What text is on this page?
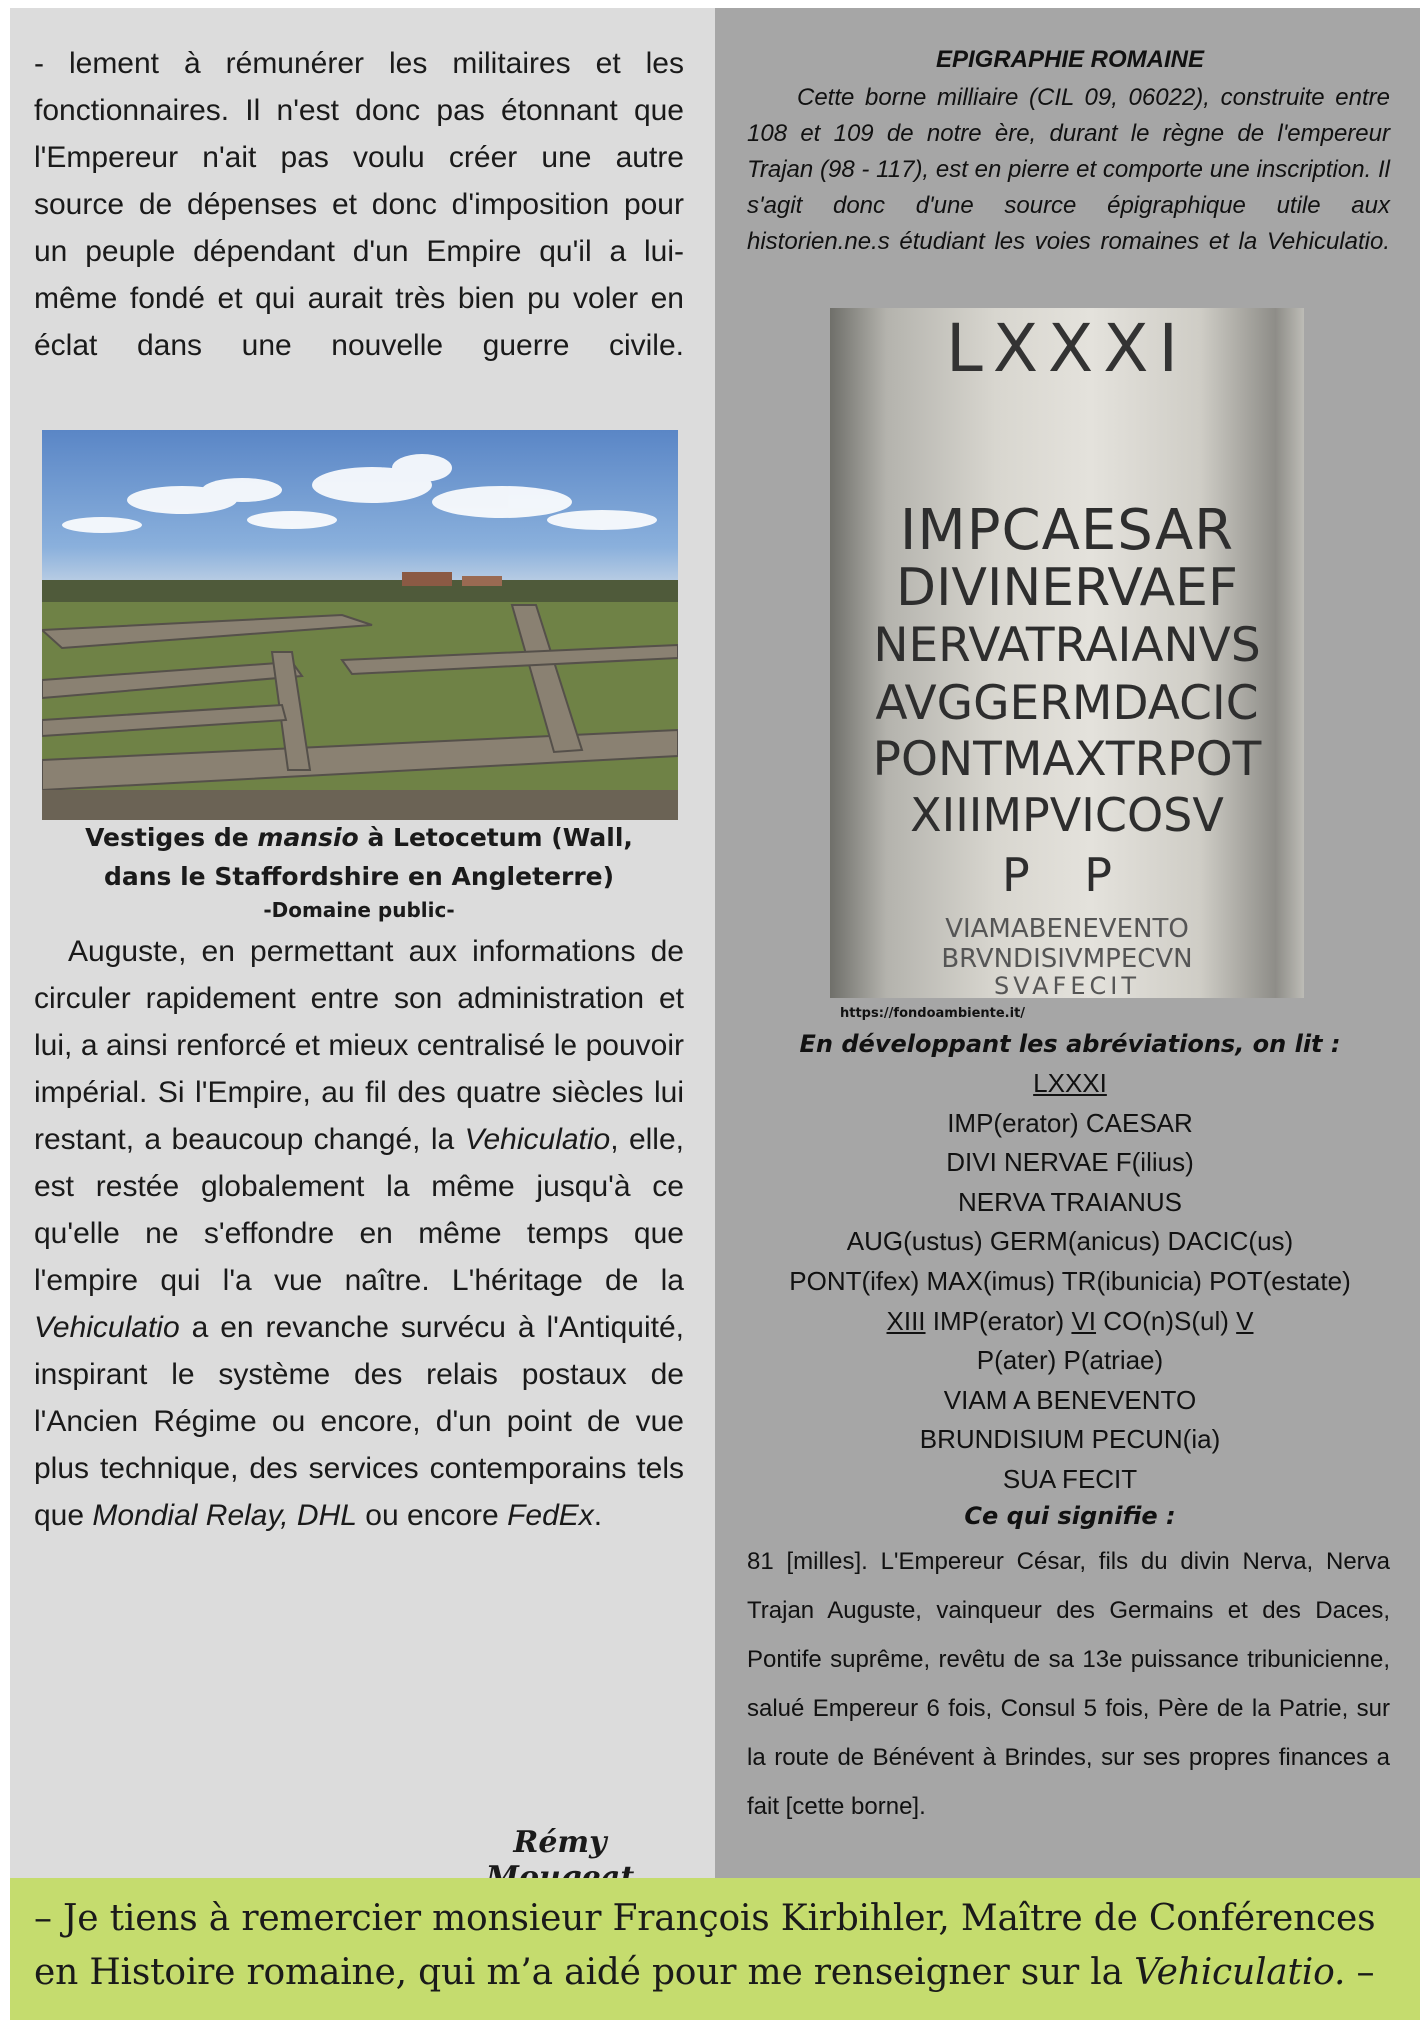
- lement à rémunérer les militaires et les fonctionnaires. Il n'est donc pas étonnant que l'Empereur n'ait pas voulu créer une autre source de dépenses et donc d'imposition pour un peuple dépendant d'un Empire qu'il a lui-même fondé et qui aurait très bien pu voler en éclat dans une nouvelle guerre civile.

Vestiges de mansio à Letocetum (Wall,
dans le Staffordshire en Angleterre)
-Domaine public-

Auguste, en permettant aux informations de circuler rapidement entre son administration et lui, a ainsi renforcé et mieux centralisé le pouvoir impérial. Si l'Empire, au fil des quatre siècles lui restant, a beaucoup changé, la Vehiculatio, elle, est restée globalement la même jusqu'à ce qu'elle ne s'effondre en même temps que l'empire qui l'a vue naître. L'héritage de la Vehiculatio a en revanche survécu à l'Antiquité, inspirant le système des relais postaux de l'Ancien Régime ou encore, d'un point de vue plus technique, des services contemporains tels que Mondial Relay, DHL ou encore FedEx.

Rémy
EPIGRAPHIE ROMAINE

Cette borne milliaire (CIL 09, 06022), construite entre 108 et 109 de notre ère, durant le règne de l'empereur Trajan (98 - 117), est en pierre et comporte une inscription. Il s'agit donc d'une source épigraphique utile aux historien.ne.s étudiant les voies romaines et la Vehiculatio.

LXXXI
IMPCAESAR
DIVINERVAEF
NERVATRAIANVS
AVGGERMDACIC
PONTMAXTRPOT
XIIIMPVICOSV
P P
VIAMABENEVENTO
BRVNDISIVMPECVN
SVAFECIT
https://fondoambiente.it/
En développant les abréviations, on lit :
LXXXI
IMP(erator) CAESAR
DIVI NERVAE F(ilius)
NERVA TRAIANUS
AUG(ustus) GERM(anicus) DACIC(us)
PONT(ifex) MAX(imus) TR(ibunicia) POT(estate)
XIII IMP(erator) VI CO(n)S(ul) V
P(ater) P(atriae)
VIAM A BENEVENTO
BRUNDISIUM PECUN(ia)
SUA FECIT
Ce qui signifie :

81 [milles]. L'Empereur César, fils du divin Nerva, Nerva Trajan Auguste, vainqueur des Germains et des Daces, Pontife suprême, revêtu de sa 13e puissance tribunicienne, salué Empereur 6 fois, Consul 5 fois, Père de la Patrie, sur la route de Bénévent à Brindes, sur ses propres finances a fait [cette borne].

– Je tiens à remercier monsieur François Kirbihler, Maître de Conférences en Histoire romaine, qui m’a aidé pour me renseigner sur la Vehiculatio. –
